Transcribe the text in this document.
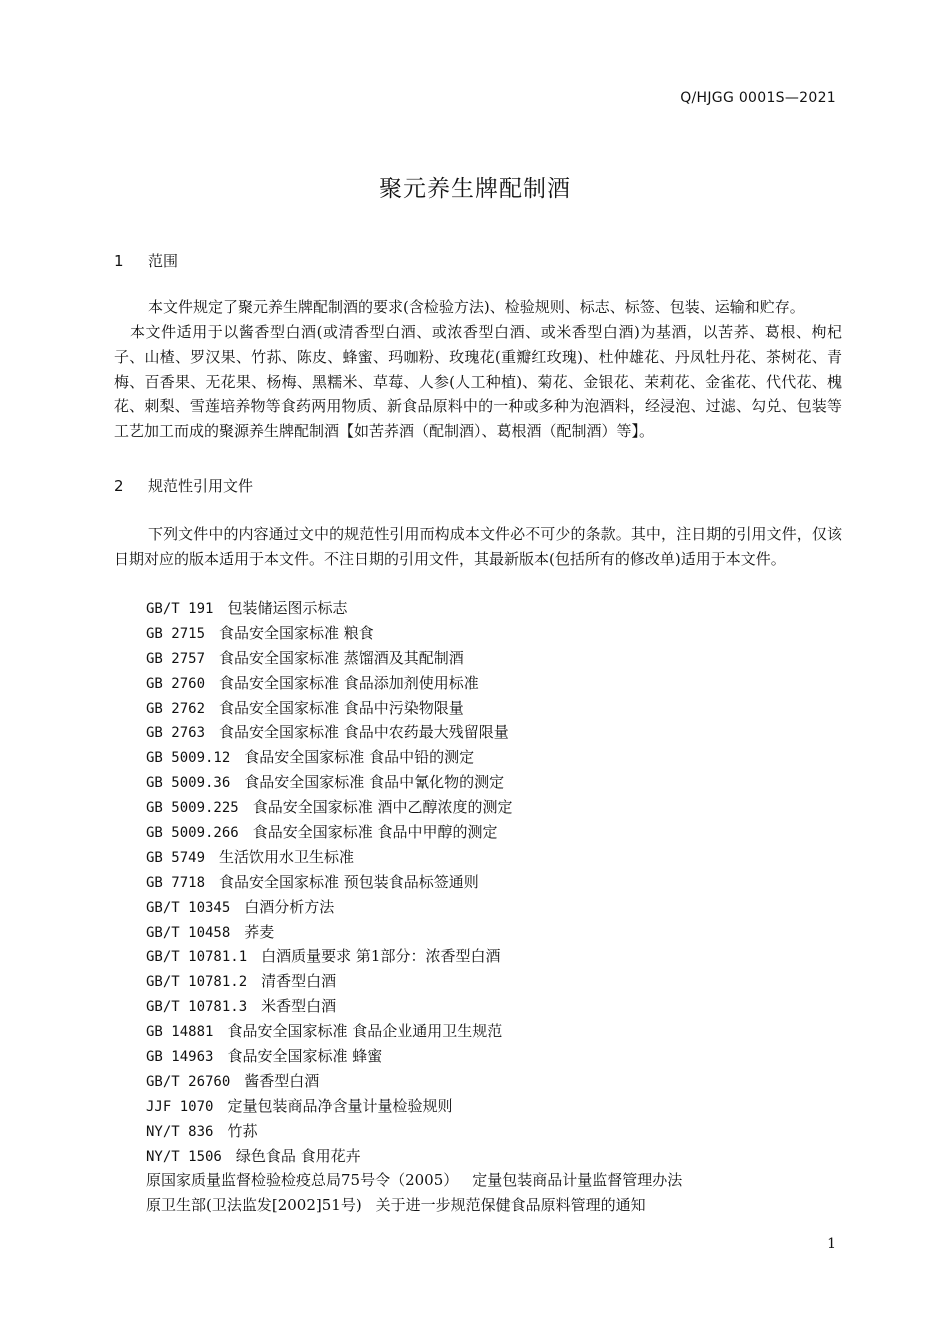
Q/HJGG 0001S—2021
聚元养生牌配制酒
1 范围

本文件规定了聚元养生牌配制酒的要求(含检验方法)、检验规则、标志、标签、包装、运输和贮存。

本文件适用于以酱香型白酒(或清香型白酒、或浓香型白酒、或米香型白酒)为基酒，以苦荞、葛根、枸杞子、山楂、罗汉果、竹荪、陈皮、蜂蜜、玛咖粉、玫瑰花(重瓣红玫瑰)、杜仲雄花、丹凤牡丹花、茶树花、青梅、百香果、无花果、杨梅、黑糯米、草莓、人参(人工种植)、菊花、金银花、茉莉花、金雀花、代代花、槐花、刺梨、雪莲培养物等食药两用物质、新食品原料中的一种或多种为泡酒料，经浸泡、过滤、勾兑、包装等工艺加工而成的聚源养生牌配制酒【如苦荞酒（配制酒）、葛根酒（配制酒）等】。

2 规范性引用文件

下列文件中的内容通过文中的规范性引用而构成本文件必不可少的条款。其中，注日期的引用文件，仅该日期对应的版本适用于本文件。不注日期的引用文件，其最新版本(包括所有的修改单)适用于本文件。

GB/T 191 包装储运图示标志
GB 2715 食品安全国家标准 粮食
GB 2757 食品安全国家标准 蒸馏酒及其配制酒
GB 2760 食品安全国家标准 食品添加剂使用标准
GB 2762 食品安全国家标准 食品中污染物限量
GB 2763 食品安全国家标准 食品中农药最大残留限量
GB 5009.12 食品安全国家标准 食品中铅的测定
GB 5009.36 食品安全国家标准 食品中氰化物的测定
GB 5009.225 食品安全国家标准 酒中乙醇浓度的测定
GB 5009.266 食品安全国家标准 食品中甲醇的测定
GB 5749 生活饮用水卫生标准
GB 7718 食品安全国家标准 预包装食品标签通则
GB/T 10345 白酒分析方法
GB/T 10458 荞麦
GB/T 10781.1 白酒质量要求 第1部分：浓香型白酒
GB/T 10781.2 清香型白酒
GB/T 10781.3 米香型白酒
GB 14881 食品安全国家标准 食品企业通用卫生规范
GB 14963 食品安全国家标准 蜂蜜
GB/T 26760 酱香型白酒
JJF 1070 定量包装商品净含量计量检验规则
NY/T 836 竹荪
NY/T 1506 绿色食品 食用花卉
原国家质量监督检验检疫总局75号令（2005） 定量包装商品计量监督管理办法
原卫生部(卫法监发[2002]51号) 关于进一步规范保健食品原料管理的通知
1
